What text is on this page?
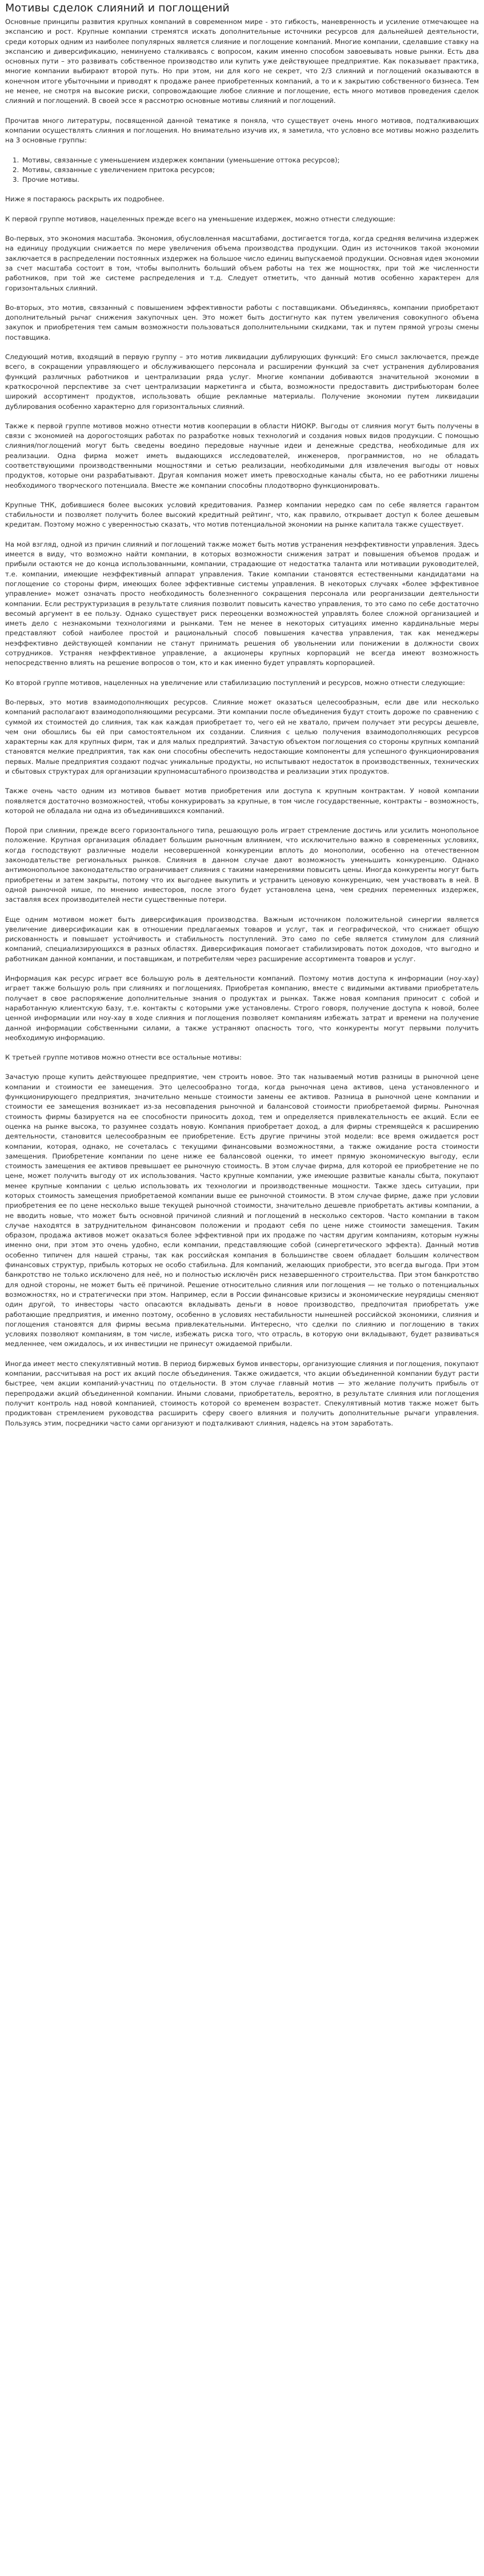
Мотивы сделок слияний и поглощений

Основные принципы развития крупных компаний в современном мире - это гибкость, маневренность и усиление отмечающее на экспансию и рост. Крупные компании стремятся искать дополнительные источники ресурсов для дальнейшей деятельности, среди которых одним из наиболее популярных является слияние и поглощение компаний. Многие компании, сделавшие ставку на экспансию и диверсификацию, неминуемо сталкиваясь с вопросом, каким именно способом завоевывать новые рынки. Есть два основных пути – это развивать собственное производство или купить уже действующее предприятие. Как показывает практика, многие компании выбирают второй путь. Но при этом, ни для кого не секрет, что 2/3 слияний и поглощений оказываются в конечном итоге убыточными и приводят к продаже ранее приобретенных компаний, а то и к закрытию собственного бизнеса. Тем не менее, не смотря на высокие риски, сопровождающие любое слияние и поглощение, есть много мотивов проведения сделок слияний и поглощений. В своей эссе я рассмотрю основные мотивы слияний и поглощений.

Прочитав много литературы, посвященной данной тематике я поняла, что существует очень много мотивов, подталкивающих компании осуществлять слияния и поглощения. Но внимательно изучив их, я заметила, что условно все мотивы можно разделить на 3 основные группы:

1. Мотивы, связанные с уменьшением издержек компании (уменьшение оттока ресурсов);
2. Мотивы, связанные с увеличением притока ресурсов;
3. Прочие мотивы.

Ниже я постараюсь раскрыть их подробнее.

К первой группе мотивов, нацеленных прежде всего на уменьшение издержек, можно отнести следующие:

Во-первых, это экономия масштаба. Экономия, обусловленная масштабами, достигается тогда, когда средняя величина издержек на единицу продукции снижается по мере увеличения объема производства продукции. Один из источников такой экономии заключается в распределении постоянных издержек на большое число единиц выпускаемой продукции. Основная идея экономии за счет масштаба состоит в том, чтобы выполнить больший объем работы на тех же мощностях, при той же численности работников, при той же системе распределения и т.д. Следует отметить, что данный мотив особенно характерен для горизонтальных слияний.

Во-вторых, это мотив, связанный с повышением эффективности работы с поставщиками. Объединяясь, компании приобретают дополнительный рычаг снижения закупочных цен. Это может быть достигнуто как путем увеличения совокупного объема закупок и приобретения тем самым возможности пользоваться дополнительными скидками, так и путем прямой угрозы смены поставщика.

Следующий мотив, входящий в первую группу – это мотив ликвидации дублирующих функций: Его смысл заключается, прежде всего, в сокращении управляющего и обслуживающего персонала и расширении функций за счет устранения дублирования функций различных работников и централизации ряда услуг. Многие компании добиваются значительной экономии в краткосрочной перспективе за счет централизации маркетинга и сбыта, возможности предоставить дистрибьюторам более широкий ассортимент продуктов, использовать общие рекламные материалы. Получение экономии путем ликвидации дублирования особенно характерно для горизонтальных слияний.

Также к первой группе мотивов можно отнести мотив кооперации в области НИОКР. Выгоды от слияния могут быть получены в связи с экономией на дорогостоящих работах по разработке новых технологий и создания новых видов продукции. С помощью слияния/поглощений могут быть сведены воедино передовые научные идеи и денежные средства, необходимые для их реализации. Одна фирма может иметь выдающихся исследователей, инженеров, программистов, но не обладать соответствующими производственными мощностями и сетью реализации, необходимыми для извлечения выгоды от новых продуктов, которые они разрабатывают. Другая компания может иметь превосходные каналы сбыта, но ее работники лишены необходимого творческого потенциала. Вместе же компании способны плодотворно функционировать.

Крупные ТНК, добившиеся более высоких условий кредитования. Размер компании нередко сам по себе является гарантом стабильности и позволяет получить более высокий кредитный рейтинг, что, как правило, открывает доступ к более дешевым кредитам. Поэтому можно с уверенностью сказать, что мотив потенциальной экономии на рынке капитала также существует.

На мой взгляд, одной из причин слияний и поглощений также может быть мотив устранения неэффективности управления. Здесь имеется в виду, что возможно найти компании, в которых возможности снижения затрат и повышения объемов продаж и прибыли остаются не до конца использованными, компании, страдающие от недостатка таланта или мотивации руководителей, т.е. компании, имеющие неэффективный аппарат управления. Такие компании становятся естественными кандидатами на поглощение со стороны фирм, имеющих более эффективные системы управления. В некоторых случаях «более эффективное управление» может означать просто необходимость болезненного сокращения персонала или реорганизации деятельности компании. Если реструктуризация в результате слияния позволит повысить качество управления, то это само по себе достаточно весомый аргумент в ее пользу. Однако существует риск переоценки возможностей управлять более сложной организацией и иметь дело с незнакомыми технологиями и рынками. Тем не менее в некоторых ситуациях именно кардинальные меры представляют собой наиболее простой и рациональный способ повышения качества управления, так как менеджеры неэффективно действующей компании не станут принимать решения об увольнении или понижении в должности своих сотрудников. Устраняя неэффективное управление, а акционеры крупных корпораций не всегда имеют возможность непосредственно влиять на решение вопросов о том, кто и как именно будет управлять корпорацией.

Ко второй группе мотивов, нацеленных на увеличение или стабилизацию поступлений и ресурсов, можно отнести следующие:

Во-первых, это мотив взаимодополняющих ресурсов. Слияние может оказаться целесообразным, если две или несколько компаний располагают взаимодополняющими ресурсами. Эти компании после объединения будут стоить дороже по сравнению с суммой их стоимостей до слияния, так как каждая приобретает то, чего ей не хватало, причем получает эти ресурсы дешевле, чем они обошлись бы ей при самостоятельном их создании. Слияния с целью получения взаимодополняющих ресурсов характерны как для крупных фирм, так и для малых предприятий. Зачастую объектом поглощения со стороны крупных компаний становятся мелкие предприятия, так как они способны обеспечить недостающие компоненты для успешного функционирования первых. Малые предприятия создают подчас уникальные продукты, но испытывают недостаток в производственных, технических и сбытовых структурах для организации крупномасштабного производства и реализации этих продуктов.

Также очень часто одним из мотивов бывает мотив приобретения или доступа к крупным контрактам. У новой компании появляется достаточно возможностей, чтобы конкурировать за крупные, в том числе государственные, контракты – возможность, которой не обладала ни одна из объединившихся компаний.

Порой при слиянии, прежде всего горизонтального типа, решающую роль играет стремление достичь или усилить монопольное положение. Крупная организация обладает большим рыночным влиянием, что исключительно важно в современных условиях, когда господствуют различные модели несовершенной конкуренции вплоть до монополии, особенно на отечественном законодательстве региональных рынков. Слияния в данном случае дают возможность уменьшить конкуренцию. Однако антимонопольное законодательство ограничивает слияния с такими намерениями повысить цены. Иногда конкуренты могут быть приобретены и затем закрыты, потому что их выгоднее выкупить и устранить ценовую конкуренцию, чем участвовать в ней. В одной рыночной нише, по мнению инвесторов, после этого будет установлена цена, чем средних переменных издержек, заставляя всех производителей нести существенные потери.

Еще одним мотивом может быть диверсификация производства. Важным источником положительной синергии является увеличение диверсификации как в отношении предлагаемых товаров и услуг, так и географической, что снижает общую рискованность и повышает устойчивость и стабильность поступлений. Это само по себе является стимулом для слияний компаний, специализирующихся в разных областях. Диверсификация помогает стабилизировать поток доходов, что выгодно и работникам данной компании, и поставщикам, и потребителям через расширение ассортимента товаров и услуг.

Информация как ресурс играет все большую роль в деятельности компаний. Поэтому мотив доступа к информации (ноу-хау) играет также большую роль при слияниях и поглощениях. Приобретая компанию, вместе с видимыми активами приобретатель получает в свое распоряжение дополнительные знания о продуктах и рынках. Также новая компания приносит с собой и наработанную клиентскую базу, т.е. контакты с которыми уже установлены. Строго говоря, получение доступа к новой, более ценной информации или ноу-хау в ходе слияния и поглощения позволяет компаниям избежать затрат и времени на получение данной информации собственными силами, а также устраняют опасность того, что конкуренты могут первыми получить необходимую информацию.

К третьей группе мотивов можно отнести все остальные мотивы:

Зачастую проще купить действующее предприятие, чем строить новое. Это так называемый мотив разницы в рыночной цене компании и стоимости ее замещения. Это целесообразно тогда, когда рыночная цена активов, цена установленного и функционирующего предприятия, значительно меньше стоимости замены ее активов. Разница в рыночной цене компании и стоимости ее замещения возникает из-за несовпадения рыночной и балансовой стоимости приобретаемой фирмы. Рыночная стоимость фирмы базируется на ее способности приносить доход, тем и определяется привлекательность ее акций. Если ее оценка на рынке высока, то разумнее создать новую. Компания приобретает доход, а для фирмы стремящейся к расширению деятельности, становится целесообразным ее приобретение. Есть другие причины этой модели: все время ожидается рост компании, которая, однако, не сочеталась с текущими финансовыми возможностями, а также ожидание роста стоимости замещения. Приобретение компании по цене ниже ее балансовой оценки, то имеет прямую экономическую выгоду, если стоимость замещения ее активов превышает ее рыночную стоимость. В этом случае фирма, для которой ее приобретение не по цене, может получить выгоду от их использования. Часто крупные компании, уже имеющие развитые каналы сбыта, покупают менее крупные компании с целью использовать их технологии и производственные мощности. Также здесь ситуации, при которых стоимость замещения приобретаемой компании выше ее рыночной стоимости. В этом случае фирме, даже при условии приобретения ее по цене несколько выше текущей рыночной стоимости, значительно дешевле приобретать активы компании, а не вводить новые, что может быть основной причиной слияний и поглощений в несколько секторов. Часто компании в таком случае находятся в затруднительном финансовом положении и продают себя по цене ниже стоимости замещения. Таким образом, продажа активов может оказаться более эффективной при их продаже по частям другим компаниям, которым нужны именно они, при этом это очень удобно, если компании, представляющие собой (синергетического эффекта). Данный мотив особенно типичен для нашей страны, так как российская компания в большинстве своем обладает большим количеством финансовых структур, прибыль которых не особо стабильна. Для компаний, желающих приобрести, это всегда выгода. При этом банкротство не только исключено для неё, но и полностью исключён риск незавершенного строительства. При этом банкротство для одной стороны, не может быть её причиной. Решение относительно слияния или поглощения — не только о потенциальных возможностях, но и стратегически при этом. Например, если в России финансовые кризисы и экономические неурядицы сменяют один другой, то инвесторы часто опасаются вкладывать деньги в новое производство, предпочитая приобретать уже работающие предприятия, и именно поэтому, особенно в условиях нестабильности нынешней российской экономики, слияния и поглощения становятся для фирмы весьма привлекательными. Интересно, что сделки по слиянию и поглощению в таких условиях позволяют компаниям, в том числе, избежать риска того, что отрасль, в которую они вкладывают, будет развиваться медленнее, чем ожидалось, и их инвестиции не принесут ожидаемой прибыли.

Иногда имеет место спекулятивный мотив. В период биржевых бумов инвесторы, организующие слияния и поглощения, покупают компании, рассчитывая на рост их акций после объединения. Также ожидается, что акции объединенной компании будут расти быстрее, чем акции компаний-участниц по отдельности. В этом случае главный мотив — это желание получить прибыль от перепродажи акций объединенной компании. Иными словами, приобретатель, вероятно, в результате слияния или поглощения получит контроль над новой компанией, стоимость которой со временем возрастет. Спекулятивный мотив также может быть продиктован стремлением руководства расширить сферу своего влияния и получить дополнительные рычаги управления. Пользуясь этим, посредники часто сами организуют и подталкивают слияния, надеясь на этом заработать.
